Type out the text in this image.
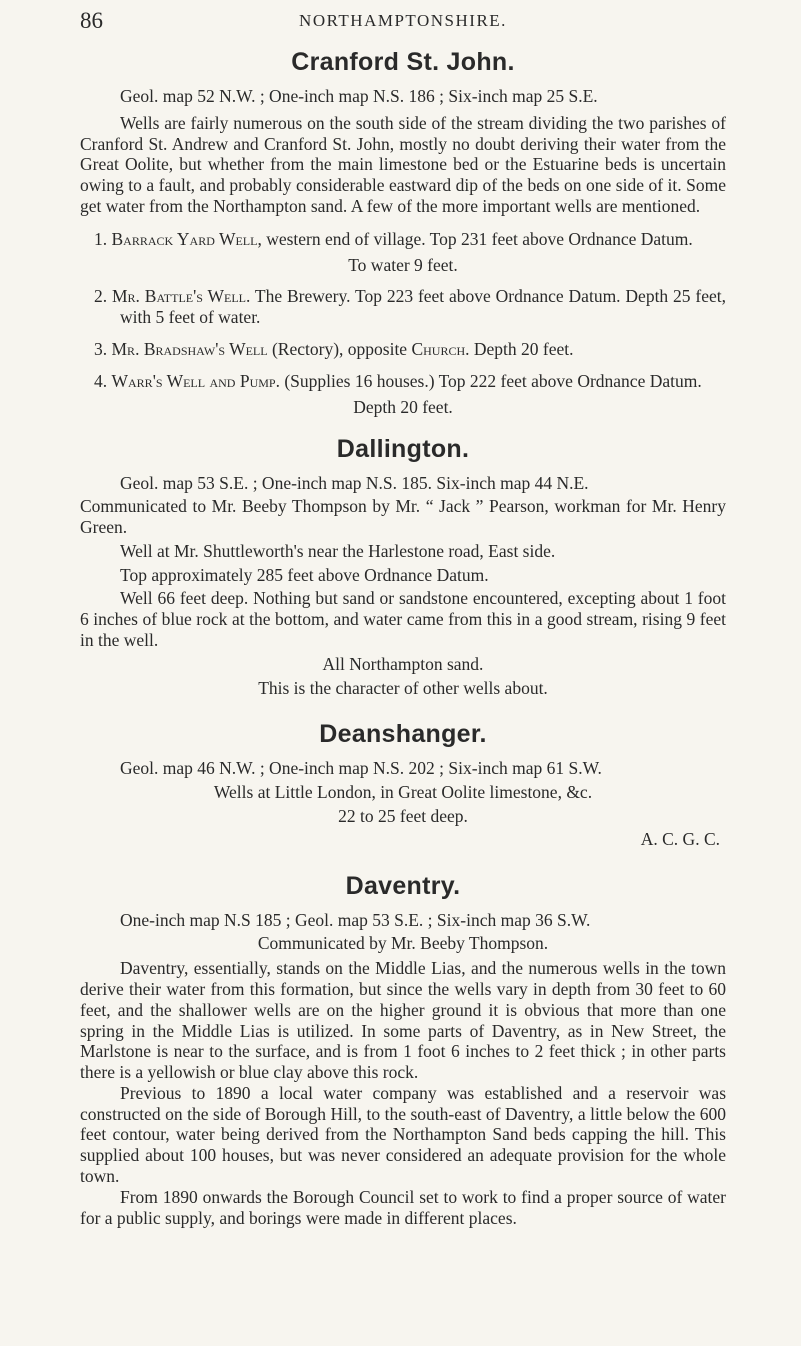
86	NORTHAMPTONSHIRE.
Cranford St. John.

Geol. map 52 N.W. ; One-inch map N.S. 186 ; Six-inch map 25 S.E.

Wells are fairly numerous on the south side of the stream dividing the two parishes of Cranford St. Andrew and Cranford St. John, mostly no doubt deriving their water from the Great Oolite, but whether from the main limestone bed or the Estuarine beds is uncertain owing to a fault, and probably considerable eastward dip of the beds on one side of it. Some get water from the Northampton sand. A few of the more important wells are mentioned.

1. Barrack Yard Well, western end of village. Top 231 feet above Ordnance Datum.

To water 9 feet.

2. Mr. Battle's Well. The Brewery. Top 223 feet above Ordnance Datum. Depth 25 feet, with 5 feet of water.

3. Mr. Bradshaw's Well (Rectory), opposite Church. Depth 20 feet.

4. Warr's Well and Pump. (Supplies 16 houses.) Top 222 feet above Ordnance Datum.

Depth 20 feet.

Dallington.

Geol. map 53 S.E. ; One-inch map N.S. 185. Six-inch map 44 N.E.

Communicated to Mr. Beeby Thompson by Mr. “ Jack ” Pearson, workman for Mr. Henry Green.

Well at Mr. Shuttleworth's near the Harlestone road, East side.

Top approximately 285 feet above Ordnance Datum.

Well 66 feet deep. Nothing but sand or sandstone encountered, excepting about 1 foot 6 inches of blue rock at the bottom, and water came from this in a good stream, rising 9 feet in the well.

All Northampton sand.

This is the character of other wells about.

Deanshanger.

Geol. map 46 N.W. ; One-inch map N.S. 202 ; Six-inch map 61 S.W.

Wells at Little London, in Great Oolite limestone, &c.

22 to 25 feet deep.

A. C. G. C.

Daventry.

One-inch map N.S 185 ; Geol. map 53 S.E. ; Six-inch map 36 S.W.

Communicated by Mr. Beeby Thompson.

Daventry, essentially, stands on the Middle Lias, and the numerous wells in the town derive their water from this formation, but since the wells vary in depth from 30 feet to 60 feet, and the shallower wells are on the higher ground it is obvious that more than one spring in the Middle Lias is utilized. In some parts of Daventry, as in New Street, the Marlstone is near to the surface, and is from 1 foot 6 inches to 2 feet thick ; in other parts there is a yellowish or blue clay above this rock.

Previous to 1890 a local water company was established and a reservoir was constructed on the side of Borough Hill, to the south-east of Daventry, a little below the 600 feet contour, water being derived from the Northampton Sand beds capping the hill. This supplied about 100 houses, but was never considered an adequate provision for the whole town.

From 1890 onwards the Borough Council set to work to find a proper source of water for a public supply, and borings were made in different places.
